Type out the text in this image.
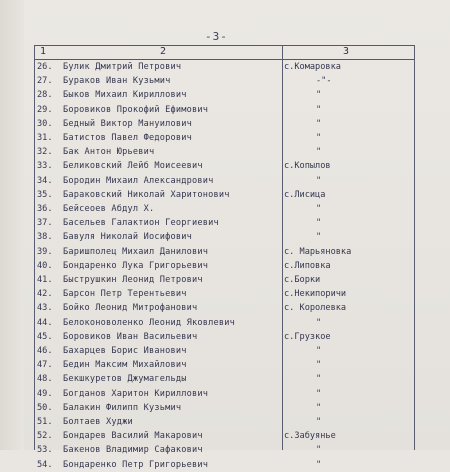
-3-
1	2	3
26. Булик Дмитрий Петрович	с.Комаровка
27. Бураков Иван Кузьмич	-"-
28. Быков Михаил Кириллович	"
29. Боровиков Прокофий Ефимович	"
30. Бедный Виктор Мануилович	"
31. Батистов Павел Федорович	"
32. Бак Антон Юрьевич	"
33. Беликовский Лейб Моисеевич	с.Копылов
34. Бородин Михаил Александрович	"
35. Бараковский Николай Харитонович	с.Лисица
36. Бейсеоев Абдул Х.	"
37. Басельев Галактион Георгиевич	"
38. Бавуля Николай Иосифович	"
39. Баришполец Михаил Данилович	с. Марьяновка
40. Бондаренко Лука Григорьевич	с.Липовка
41. Быструшкин Леонид Петрович	с.Борки
42. Барсон Петр Терентьевич	с.Некипоричи
43. Бойко Леонид Митрофанович	с. Королевка
44. Белоконоволенко Леонид Яковлевич	"
45. Боровиков Иван Васильевич	с.Грузкое
46. Бахарцев Борис Иванович	"
47. Бедин Максим Михайлович	"
48. Бекшкуретов Джумагельды	"
49. Богданов Харитон Кириллович	"
50. Балакин Филипп Кузьмич	"
51. Болтаев Худжи	"
52. Бондарев Василий Макарович	с.Забуянье
53. Бакенов Владимир Сафакович	"
54. Бондаренко Петр Григорьевич	"
